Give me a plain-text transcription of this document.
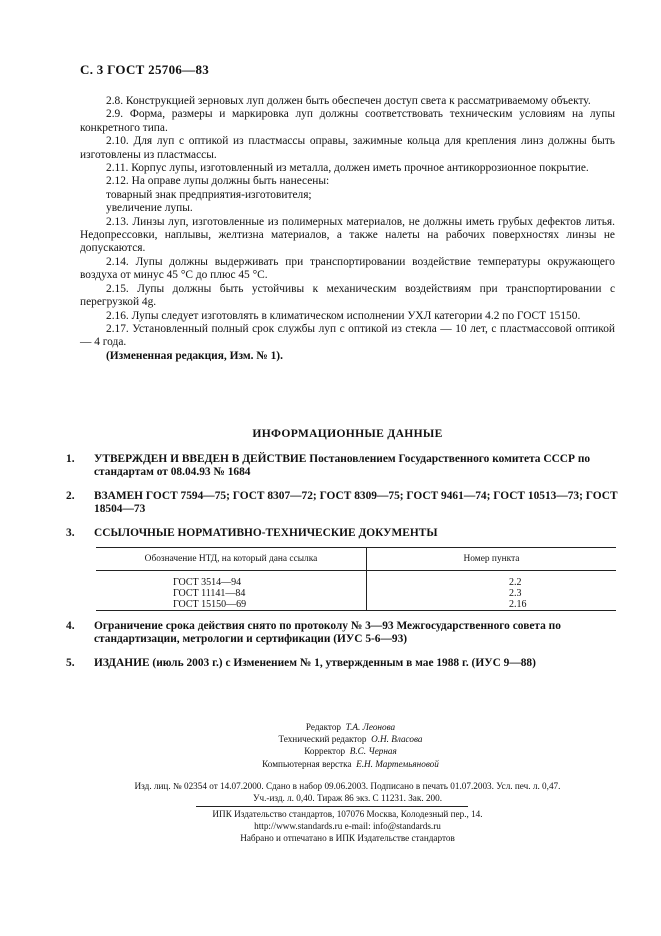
С. 3 ГОСТ 25706—83
2.8. Конструкцией зерновых луп должен быть обеспечен доступ света к рассматриваемому объекту.
2.9. Форма, размеры и маркировка луп должны соответствовать техническим условиям на лупы конкретного типа.
2.10. Для луп с оптикой из пластмассы оправы, зажимные кольца для крепления линз должны быть изготовлены из пластмассы.
2.11. Корпус лупы, изготовленный из металла, должен иметь прочное антикоррозионное покрытие.
2.12. На оправе лупы должны быть нанесены:
товарный знак предприятия-изготовителя;
увеличение лупы.
2.13. Линзы луп, изготовленные из полимерных материалов, не должны иметь грубых дефектов литья. Недопрессовки, наплывы, желтизна материалов, а также налеты на рабочих поверхностях линзы не допускаются.
2.14. Лупы должны выдерживать при транспортировании воздействие температуры окружающего воздуха от минус 45 °С до плюс 45 °С.
2.15. Лупы должны быть устойчивы к механическим воздействиям при транспортировании с перегрузкой 4g.
2.16. Лупы следует изготовлять в климатическом исполнении УХЛ категории 4.2 по ГОСТ 15150.
2.17. Установленный полный срок службы луп с оптикой из стекла — 10 лет, с пластмассовой оптикой — 4 года.
(Измененная редакция, Изм. № 1).
ИНФОРМАЦИОННЫЕ ДАННЫЕ
1. УТВЕРЖДЕН И ВВЕДЕН В ДЕЙСТВИЕ Постановлением Государственного комитета СССР по стандартам от 08.04.93 № 1684
2. ВЗАМЕН ГОСТ 7594—75; ГОСТ 8307—72; ГОСТ 8309—75; ГОСТ 9461—74; ГОСТ 10513—73; ГОСТ 18504—73
3. ССЫЛОЧНЫЕ НОРМАТИВНО-ТЕХНИЧЕСКИЕ ДОКУМЕНТЫ
Обозначение НТД, на который дана ссылка	Номер пункта

ГОСТ 3514—94	2.2
ГОСТ 11141—84	2.3
ГОСТ 15150—69	2.16
4. Ограничение срока действия снято по протоколу № 3—93 Межгосударственного совета по стандартизации, метрологии и сертификации (ИУС 5-6—93)
5. ИЗДАНИЕ (июль 2003 г.) с Изменением № 1, утвержденным в мае 1988 г. (ИУС 9—88)
Редактор Т.А. Леонова
Технический редактор О.Н. Власова
Корректор В.С. Черная
Компьютерная верстка Е.Н. Мартемьяновой
Изд. лиц. № 02354 от 14.07.2000. Сдано в набор 09.06.2003. Подписано в печать 01.07.2003. Усл. печ. л. 0,47.
Уч.-изд. л. 0,40. Тираж 86 экз. С 11231. Зак. 200.
ИПК Издательство стандартов, 107076 Москва, Колодезный пер., 14.
http://www.standards.ru e-mail: info@standards.ru
Набрано и отпечатано в ИПК Издательстве стандартов
